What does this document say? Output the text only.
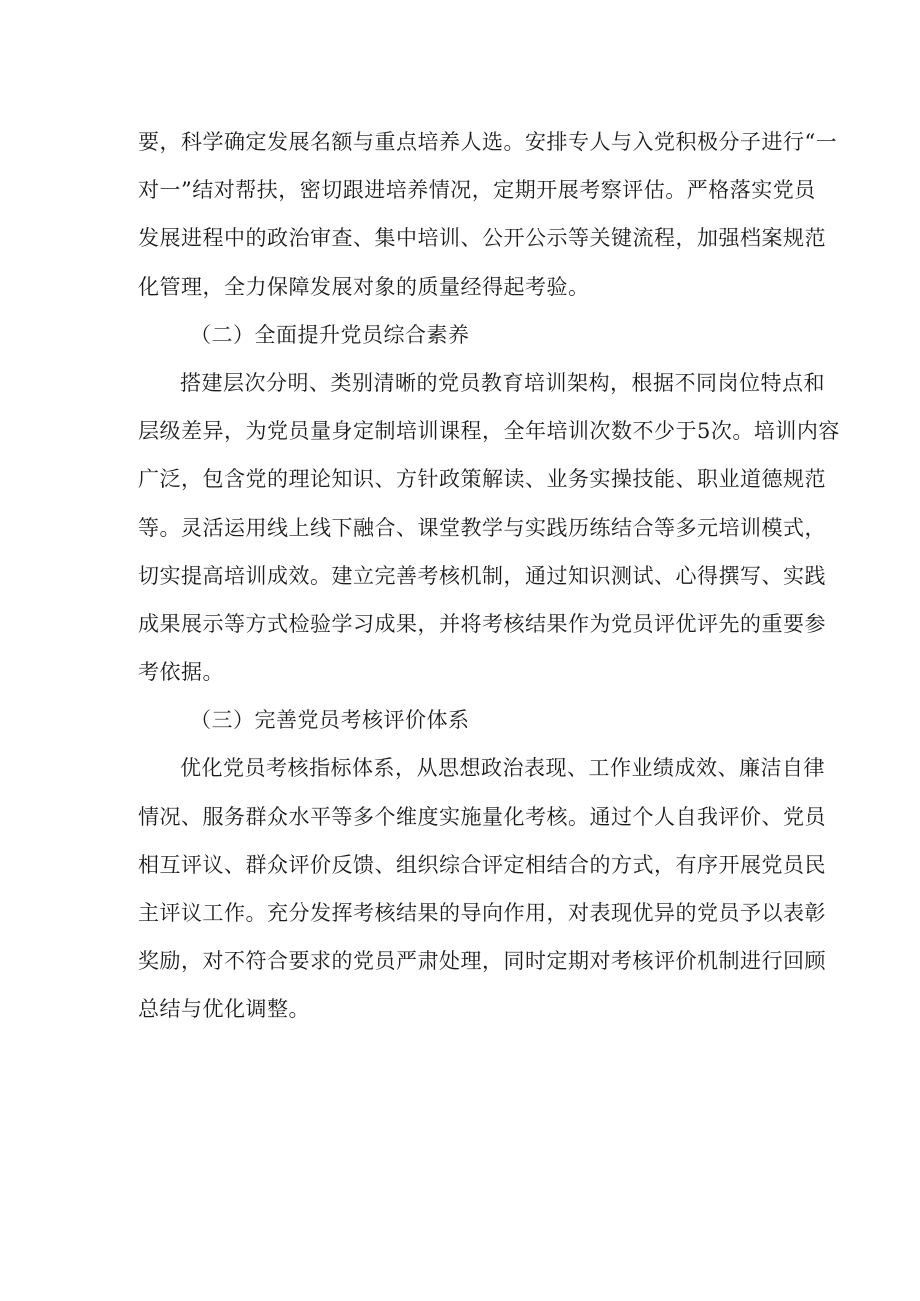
要，科学确定发展名额与重点培养人选。安排专人与入党积极分子进行“一
对一”结对帮扶，密切跟进培养情况，定期开展考察评估。严格落实党员
发展进程中的政治审查、集中培训、公开公示等关键流程，加强档案规范
化管理，全力保障发展对象的质量经得起考验。
（二）全面提升党员综合素养
搭建层次分明、类别清晰的党员教育培训架构，根据不同岗位特点和
层级差异，为党员量身定制培训课程，全年培训次数不少于5次。培训内容
广泛，包含党的理论知识、方针政策解读、业务实操技能、职业道德规范
等。灵活运用线上线下融合、课堂教学与实践历练结合等多元培训模式，
切实提高培训成效。建立完善考核机制，通过知识测试、心得撰写、实践
成果展示等方式检验学习成果，并将考核结果作为党员评优评先的重要参
考依据。
（三）完善党员考核评价体系
优化党员考核指标体系，从思想政治表现、工作业绩成效、廉洁自律
情况、服务群众水平等多个维度实施量化考核。通过个人自我评价、党员
相互评议、群众评价反馈、组织综合评定相结合的方式，有序开展党员民
主评议工作。充分发挥考核结果的导向作用，对表现优异的党员予以表彰
奖励，对不符合要求的党员严肃处理，同时定期对考核评价机制进行回顾
总结与优化调整。
